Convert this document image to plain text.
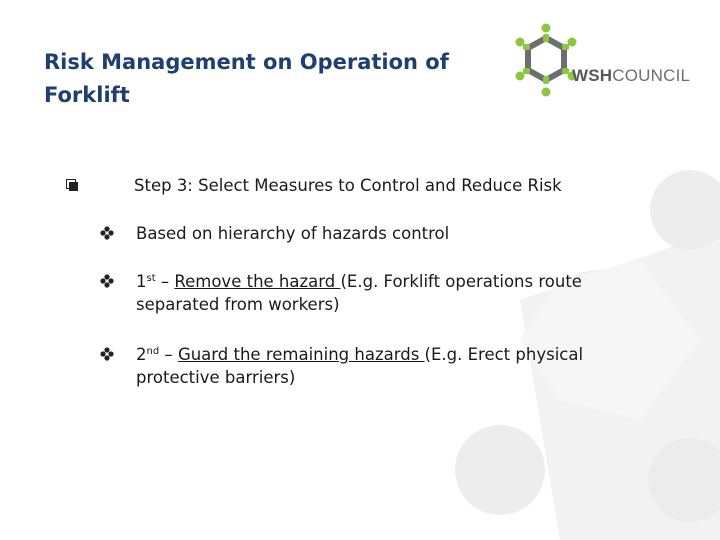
Risk Management on Operation of
Forklift
WSHCOUNCIL
Step 3: Select Measures to Control and Reduce Risk
Based on hierarchy of hazards control
1st – Remove the hazard (E.g. Forklift operations route separated from workers)
2nd – Guard the remaining hazards (E.g. Erect physical protective barriers)
